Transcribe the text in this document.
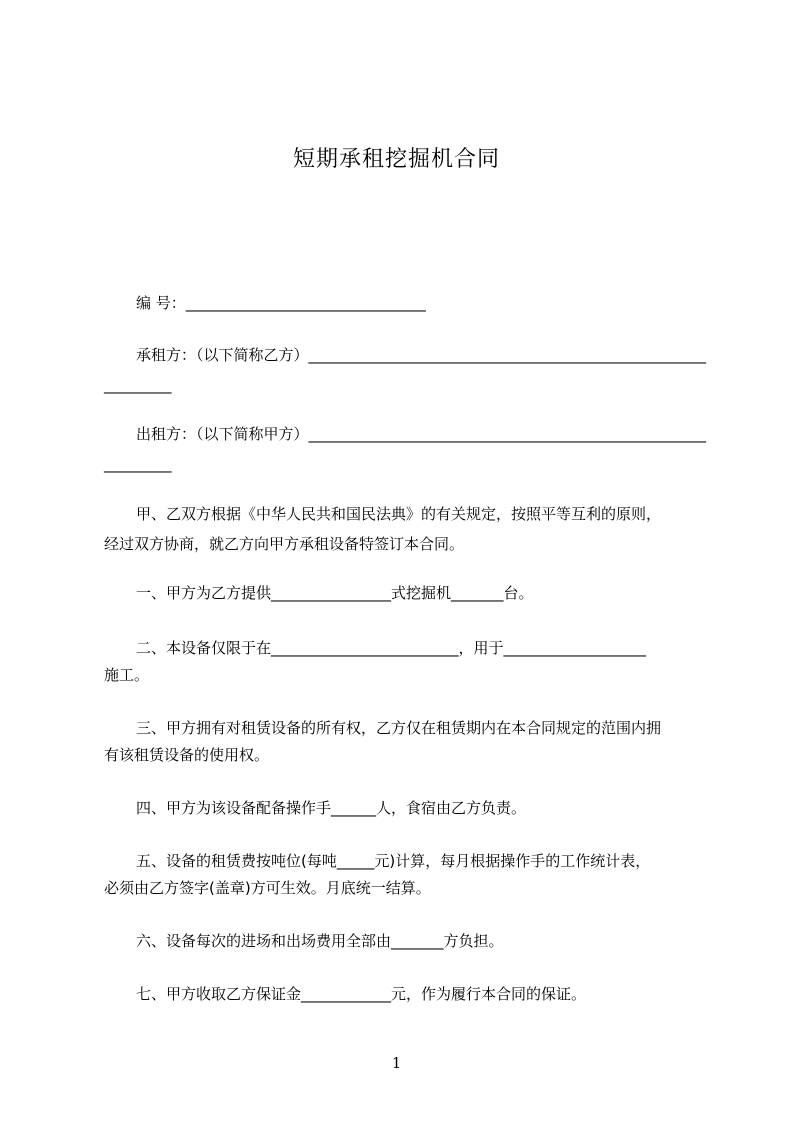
短期承租挖掘机合同
编 号：________________________________
承租方：（以下简称乙方）_____________________________________________________
_________
出租方：（以下简称甲方）_____________________________________________________
_________
甲、乙双方根据《中华人民共和国民法典》的有关规定，按照平等互利的原则，
经过双方协商，就乙方向甲方承租设备特签订本合同。
一、甲方为乙方提供________________式挖掘机_______台。
二、本设备仅限于在_________________________，用于___________________
施工。
三、甲方拥有对租赁设备的所有权，乙方仅在租赁期内在本合同规定的范围内拥
有该租赁设备的使用权。
四、甲方为该设备配备操作手______人，食宿由乙方负责。
五、设备的租赁费按吨位(每吨_____元)计算，每月根据操作手的工作统计表，
必须由乙方签字(盖章)方可生效。月底统一结算。
六、设备每次的进场和出场费用全部由_______方负担。
七、甲方收取乙方保证金____________元，作为履行本合同的保证。
1
